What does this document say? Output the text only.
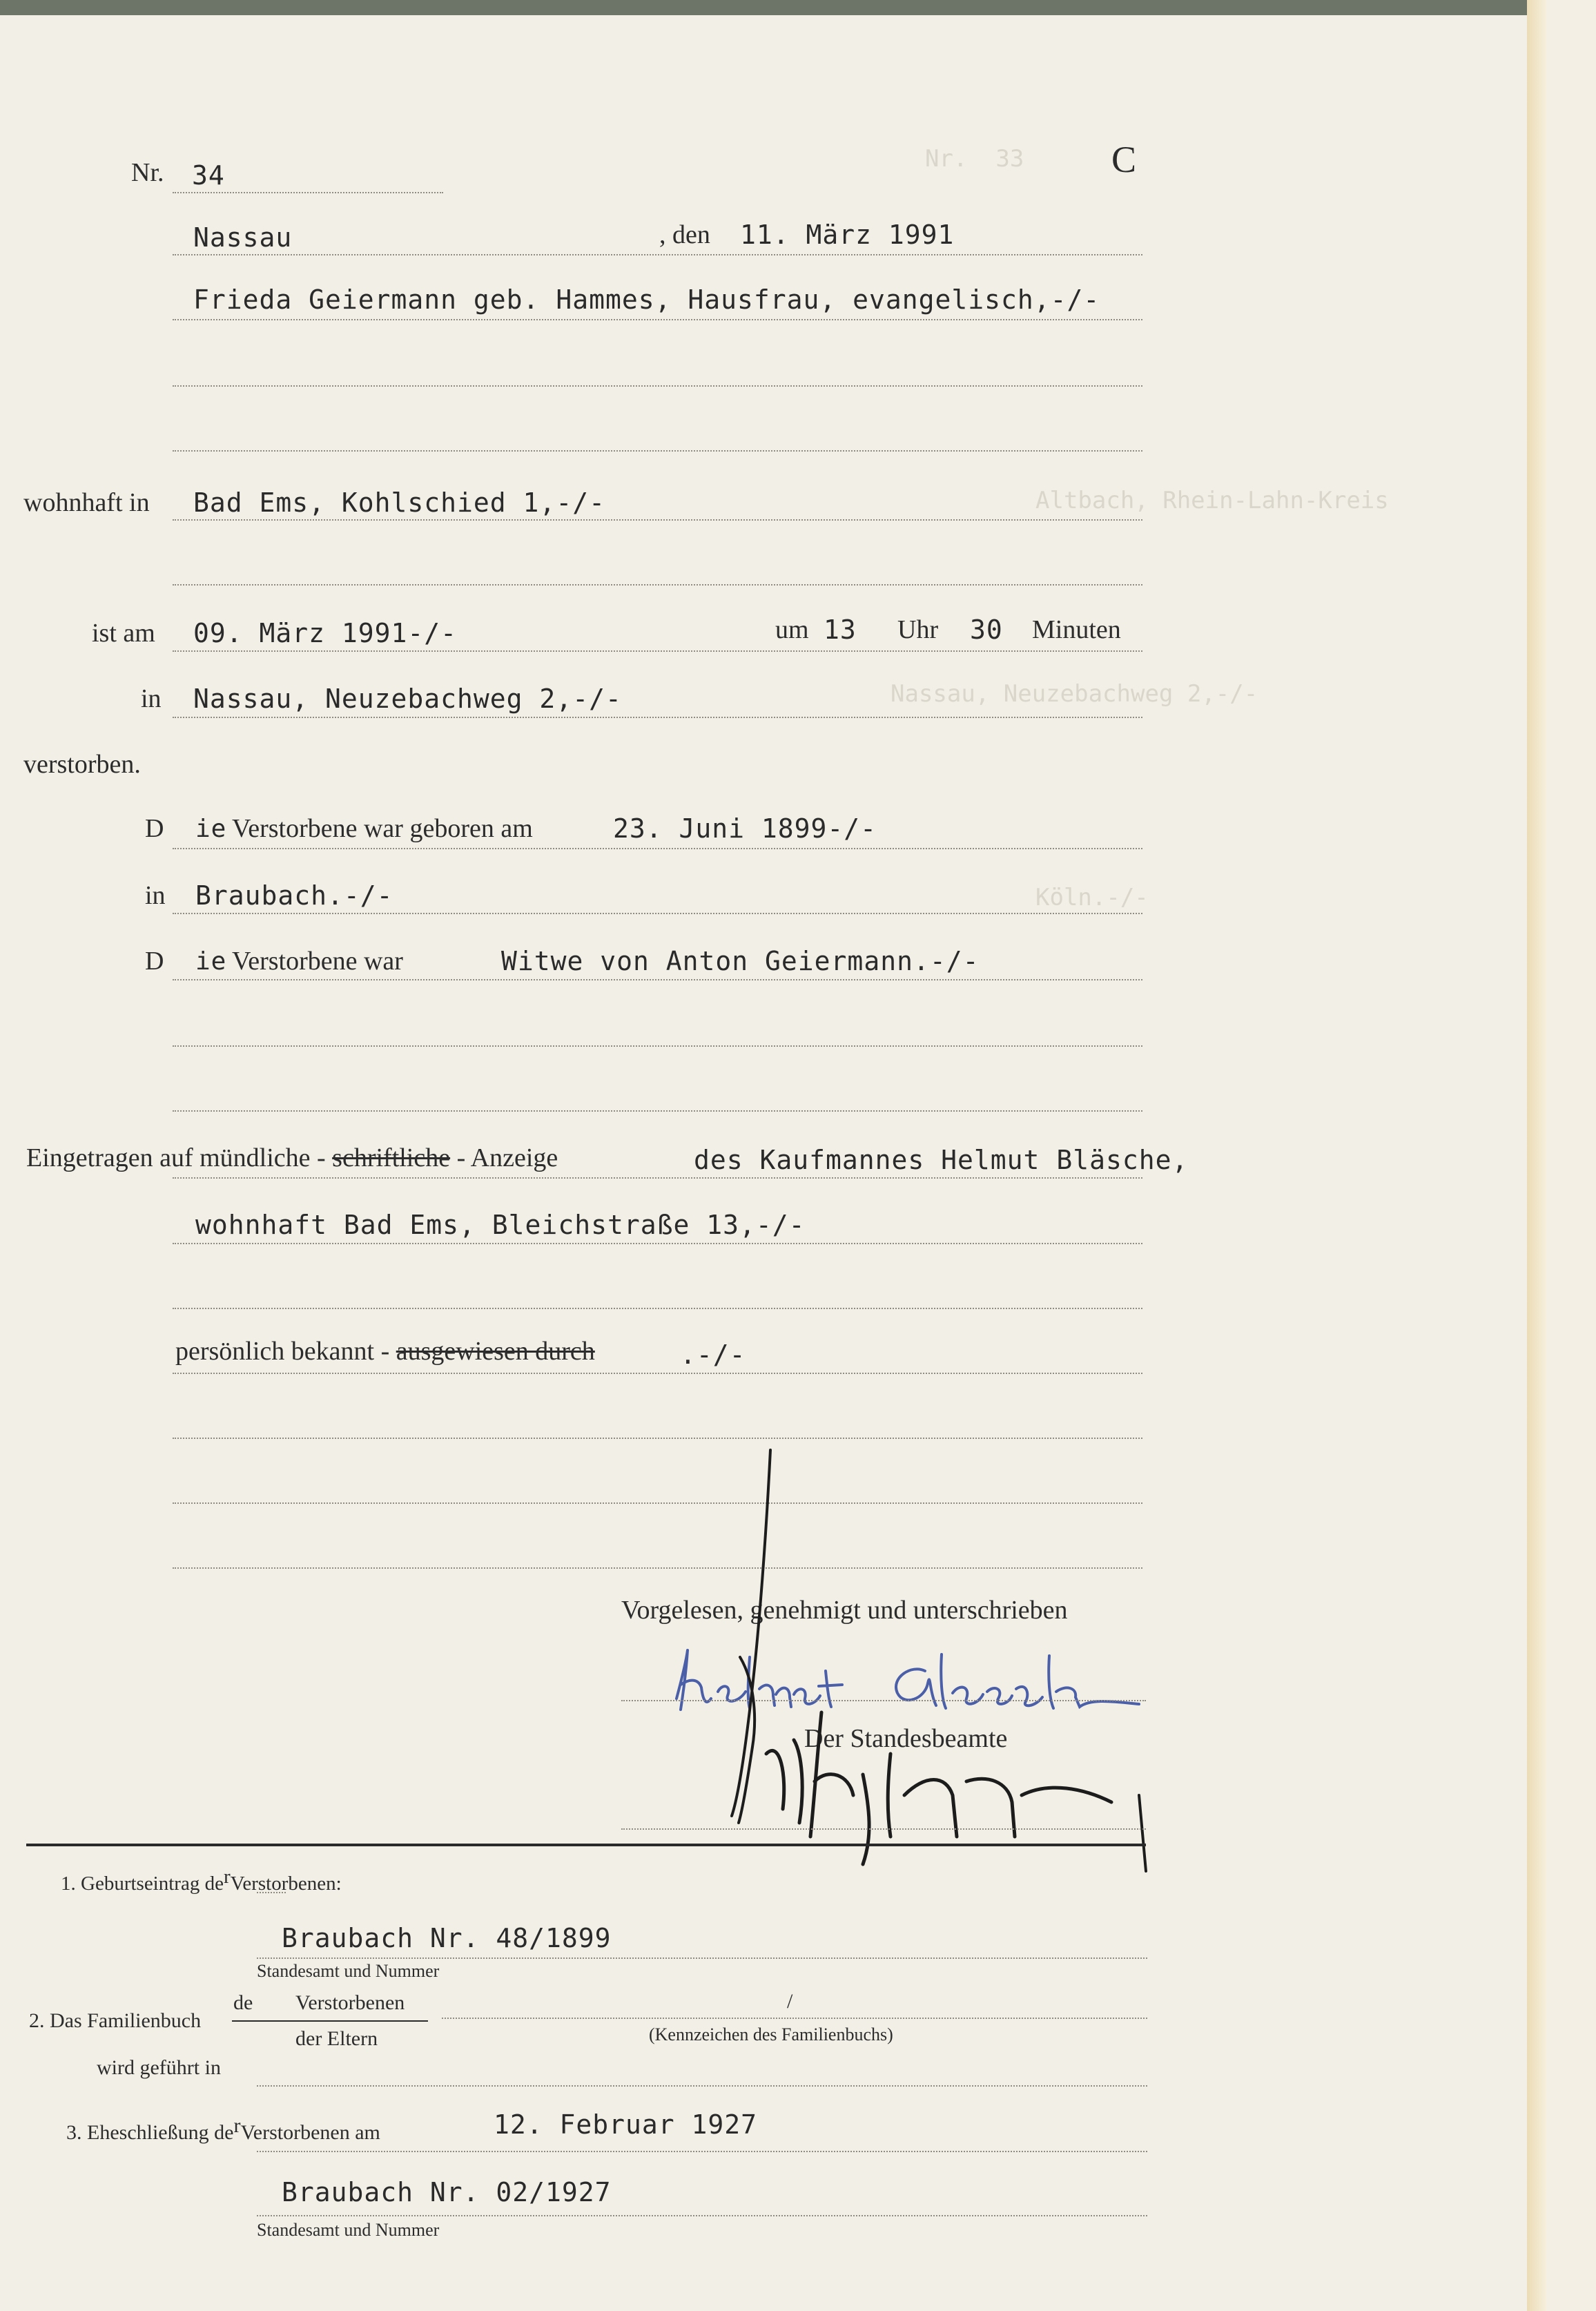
Nr.  33
Altbach, Rhein-Lahn-Kreis
Nassau, Neuzebachweg 2,-/-
Köln.-/-
Nr. 34	C
Nassau	, den 11. März 1991
Frieda Geiermann geb. Hammes, Hausfrau, evangelisch,-/-
wohnhaft in Bad Ems, Kohlschied 1,-/-
ist am 09. März 1991-/-	um 13 Uhr 30 Minuten
in Nassau, Neuzebachweg 2,-/-
verstorben.
D ie Verstorbene war geboren am	23. Juni 1899-/-
in Braubach.-/-
D ie Verstorbene war	Witwe von Anton Geiermann.-/-
Eingetragen auf mündliche - schriftliche - Anzeige	des Kaufmannes Helmut Bläsche,
wohnhaft Bad Ems, Bleichstraße 13,-/-
persönlich bekannt - ausgewiesen durch	.-/-
Vorgelesen, genehmigt und unterschrieben
Der Standesbeamte
1. Geburtseintrag derVerstorbenen:
Braubach Nr. 48/1899
Standesamt und Nummer
2. Das Familienbuch
de Verstorbenen
der Eltern
/
(Kennzeichen des Familienbuchs)
wird geführt in
3. Eheschließung derVerstorbenen am	12. Februar 1927
Braubach Nr. 02/1927
Standesamt und Nummer
